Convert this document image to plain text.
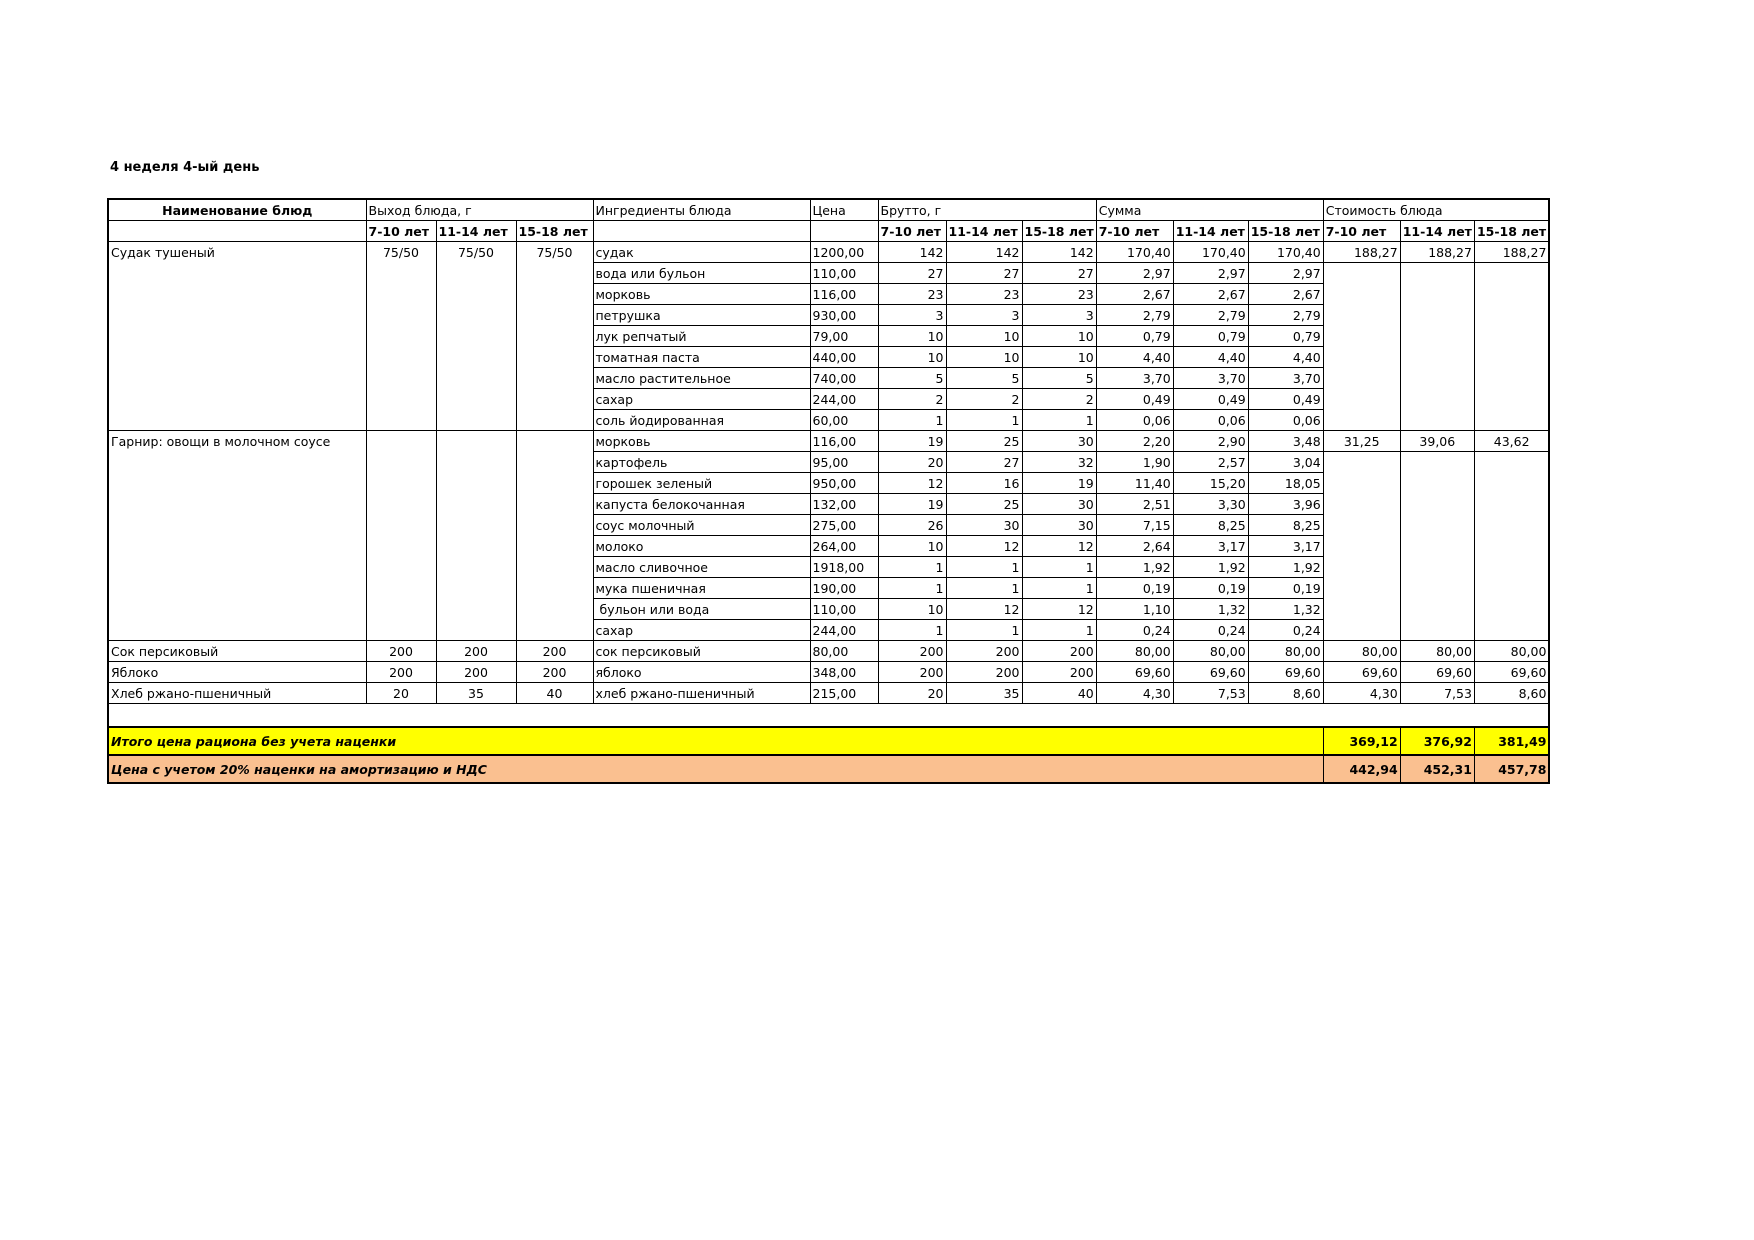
4 неделя 4-ый день
Наименование блюд	Выход блюда, г			Ингредиенты блюда	Цена	Брутто, г			Сумма			Стоимость блюда		
	7-10 лет	11-14 лет	15-18 лет			7-10 лет	11-14 лет	15-18 лет	7-10 лет	11-14 лет	15-18 лет	7-10 лет	11-14 лет	15-18 лет
Судак тушеный	75/50	75/50	75/50	судак	1200,00	142	142	142	170,40	170,40	170,40	188,27	188,27	188,27
				вода или бульон	110,00	27	27	27	2,97	2,97	2,97			
				морковь	116,00	23	23	23	2,67	2,67	2,67			
				петрушка	930,00	3	3	3	2,79	2,79	2,79			
				лук репчатый	79,00	10	10	10	0,79	0,79	0,79			
				томатная паста	440,00	10	10	10	4,40	4,40	4,40			
				масло растительное	740,00	5	5	5	3,70	3,70	3,70			
				сахар	244,00	2	2	2	0,49	0,49	0,49			
				соль йодированная	60,00	1	1	1	0,06	0,06	0,06			
Гарнир: овощи в молочном соусе				морковь	116,00	19	25	30	2,20	2,90	3,48	31,25	39,06	43,62
				картофель	95,00	20	27	32	1,90	2,57	3,04			
				горошек зеленый	950,00	12	16	19	11,40	15,20	18,05			
				капуста белокочанная	132,00	19	25	30	2,51	3,30	3,96			
				соус молочный	275,00	26	30	30	7,15	8,25	8,25			
				молоко	264,00	10	12	12	2,64	3,17	3,17			
				масло сливочное	1918,00	1	1	1	1,92	1,92	1,92			
				мука пшеничная	190,00	1	1	1	0,19	0,19	0,19			
				бульон или вода	110,00	10	12	12	1,10	1,32	1,32			
				сахар	244,00	1	1	1	0,24	0,24	0,24			
Сок персиковый	200	200	200	сок персиковый	80,00	200	200	200	80,00	80,00	80,00	80,00	80,00	80,00
Яблоко	200	200	200	яблоко	348,00	200	200	200	69,60	69,60	69,60	69,60	69,60	69,60
Хлеб ржано-пшеничный	20	35	40	хлеб ржано-пшеничный	215,00	20	35	40	4,30	7,53	8,60	4,30	7,53	8,60

Итого цена рациона без учета наценки												369,12	376,92	381,49
Цена с учетом 20% наценки на амортизацию и НДС												442,94	452,31	457,78
